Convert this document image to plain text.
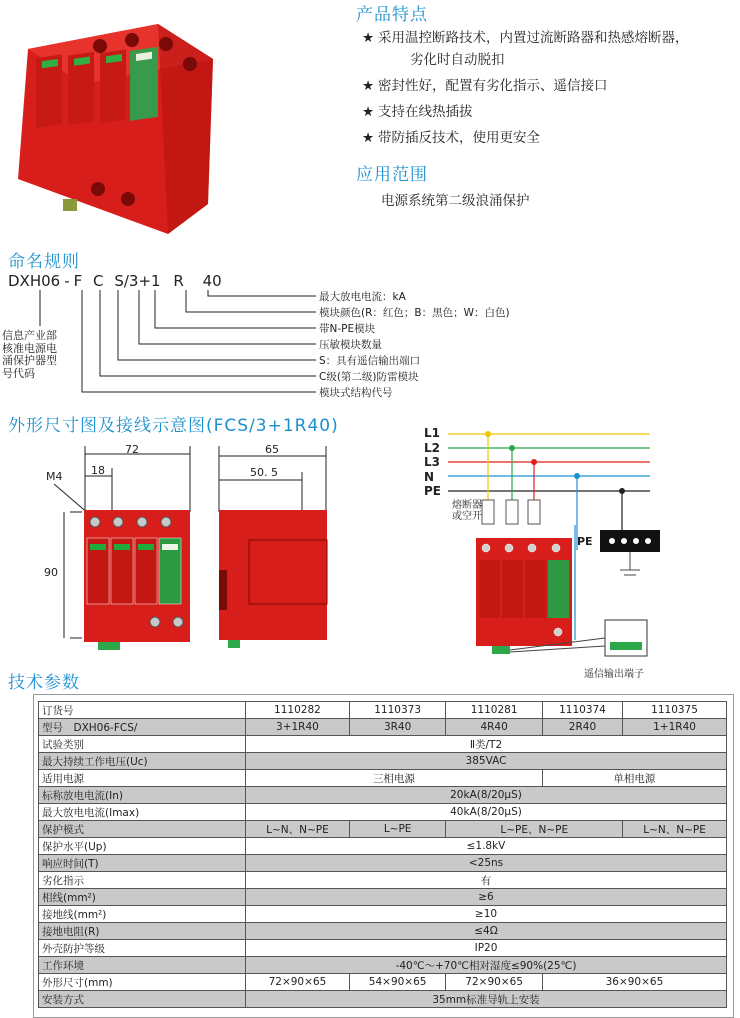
产品特点
★ 采用温控断路技术，内置过流断路器和热感熔断器，
劣化时自动脱扣
★ 密封性好，配置有劣化指示、遥信接口
★ 支持在线热插拔
★ 带防插反技术，使用更安全
应用范围
电源系统第二级浪涌保护
命名规则
DXH06 - F C S/3+1 R 40
信息产业部
核准电源电
涌保护器型
号代码
最大放电电流：kA
模块颜色(R：红色；B：黑色；W：白色)
带N-PE模块
压敏模块数量
S：具有遥信输出端口
C级(第二级)防雷模块
模块式结构代号
外形尺寸图及接线示意图(FCS/3+1R40)
72
18
M4
90
65
50. 5
L1
L2
L3
N
PE
熔断器
或空开
PE
遥信输出端子
技术参数
订货号	1110282	1110373	1110281	1110374	1110375
型号　DXH06-FCS/	3+1R40	3R40	4R40	2R40	1+1R40
试验类别	Ⅱ类/T2				
最大持续工作电压(Uc)	385VAC				
适用电源	三相电源			单相电源	
标称放电电流(In)	20kA(8/20μS)				
最大放电电流(Imax)	40kA(8/20μS)				
保护模式	L~N、N~PE	L~PE	L~PE、N~PE		L~N、N~PE
保护水平(Up)	≤1.8kV				
响应时间(T)	<25ns				
劣化指示	有				
相线(mm²)	≥6				
接地线(mm²)	≥10				
接地电阻(R)	≤4Ω				
外壳防护等级	IP20				
工作环境	-40℃～+70℃相对湿度≤90%(25℃)				
外形尺寸(mm)	72×90×65	54×90×65	72×90×65	36×90×65	
安装方式	35mm标准导轨上安装				
